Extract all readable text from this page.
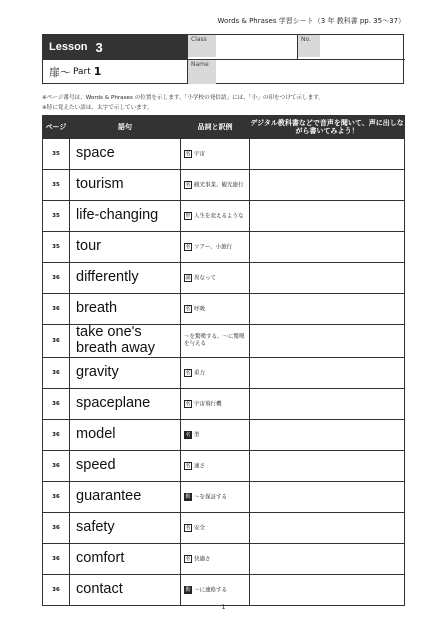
Words & Phrases 学習シート（3 年 教科書 pp. 35〜37）
Lesson 3
扉〜 Part 1
Class	No.
Name
※ページ番号は、Words & Phrases の位置を示します。「小学校の発信語」には、「小」の印をつけて示します。
※特に覚えたい語は、太字で示しています。
ページ	語句	品詞と訳例	デジタル教科書などで音声を聞いて、声に出しながら書いてみよう！
35	space	名 宇宙	
35	tourism	名 観光事業、観光旅行	
35	life-changing	形 人生を変えるような	
35	tour	名 ツアー、小旅行	
36	differently	副 異なって	
36	breath	名 呼吸	
36	take one's breath away	〜を驚嘆する、〜に驚嘆を与える	
36	gravity	名 重力	
36	spaceplane	名 宇宙飛行機	
36	model	名 型	
36	speed	名 速さ	
36	guarantee	動 〜を保証する	
36	safety	名 安全	
36	comfort	名 快適さ	
36	contact	動 〜に連絡する	
1
